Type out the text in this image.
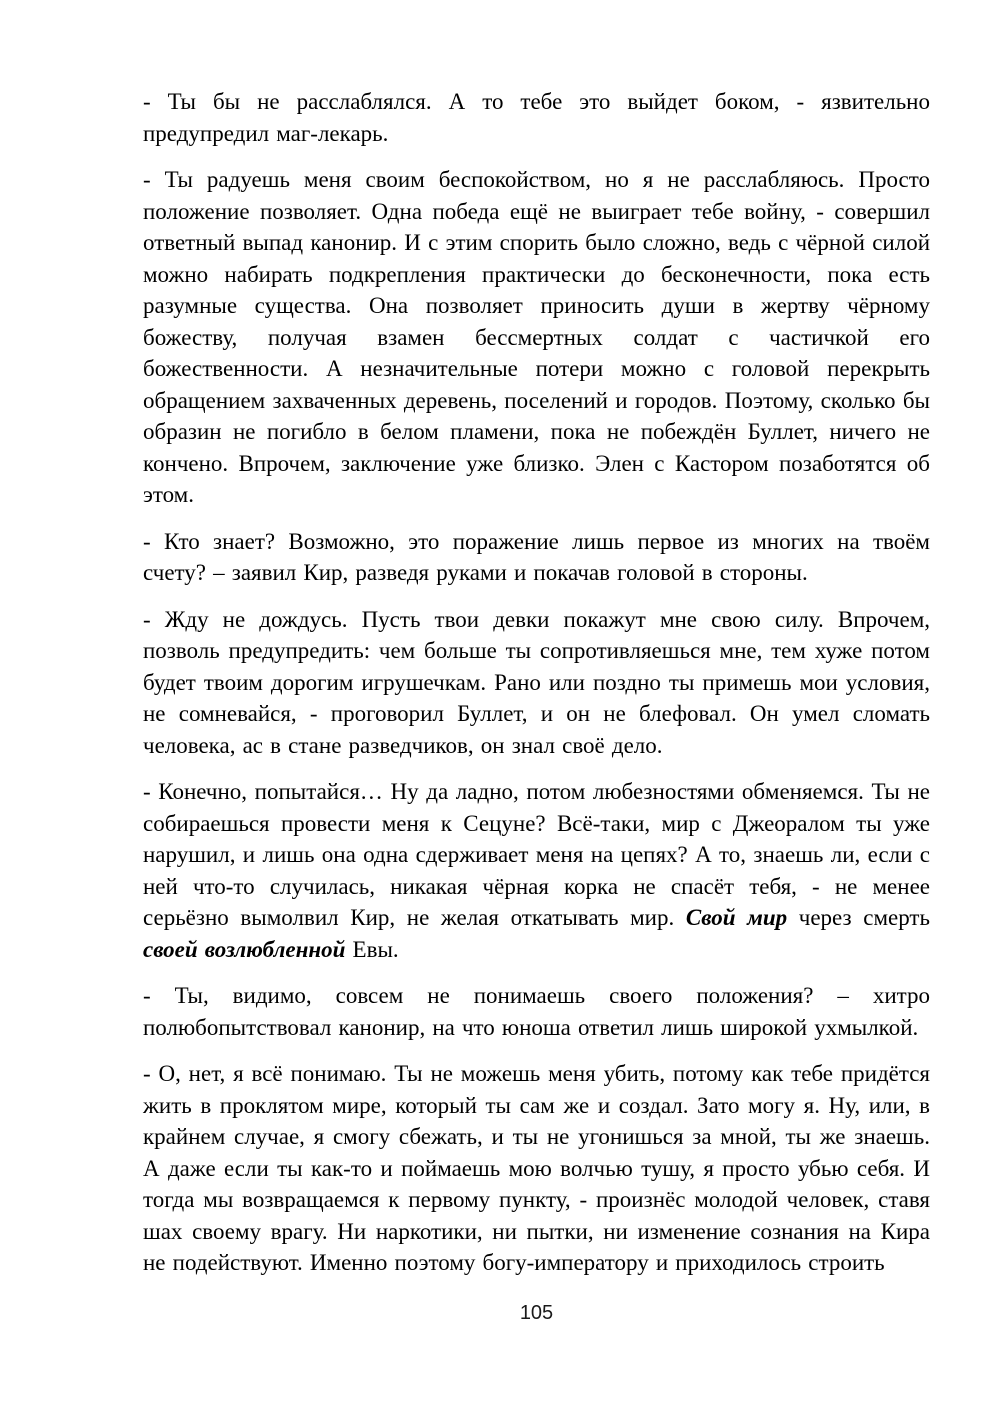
- Ты бы не расслаблялся. А то тебе это выйдет боком, - язвительно предупредил маг-лекарь.

- Ты радуешь меня своим беспокойством, но я не расслабляюсь. Просто положение позволяет. Одна победа ещё не выиграет тебе войну, - совершил ответный выпад канонир. И с этим спорить было сложно, ведь с чёрной силой можно набирать подкрепления практически до бесконечности, пока есть разумные существа. Она позволяет приносить души в жертву чёрному божеству, получая взамен бессмертных солдат с частичкой его божественности. А незначительные потери можно с головой перекрыть обращением захваченных деревень, поселений и городов. Поэтому, сколько бы образин не погибло в белом пламени, пока не побеждён Буллет, ничего не кончено. Впрочем, заключение уже близко. Элен с Кастором позаботятся об этом.

- Кто знает? Возможно, это поражение лишь первое из многих на твоём счету? – заявил Кир, разведя руками и покачав головой в стороны.

- Жду не дождусь. Пусть твои девки покажут мне свою силу. Впрочем, позволь предупредить: чем больше ты сопротивляешься мне, тем хуже потом будет твоим дорогим игрушечкам. Рано или поздно ты примешь мои условия, не сомневайся, - проговорил Буллет, и он не блефовал. Он умел сломать человека, ас в стане разведчиков, он знал своё дело.

- Конечно, попытайся… Ну да ладно, потом любезностями обменяемся. Ты не собираешься провести меня к Сецуне? Всё-таки, мир с Джеоралом ты уже нарушил, и лишь она одна сдерживает меня на цепях? А то, знаешь ли, если с ней что-то случилась, никакая чёрная корка не спасёт тебя, - не менее серьёзно вымолвил Кир, не желая откатывать мир. Свой мир через смерть своей возлюбленной Евы.

- Ты, видимо, совсем не понимаешь своего положения? – хитро полюбопытствовал канонир, на что юноша ответил лишь широкой ухмылкой.

- О, нет, я всё понимаю. Ты не можешь меня убить, потому как тебе придётся жить в проклятом мире, который ты сам же и создал. Зато могу я. Ну, или, в крайнем случае, я смогу сбежать, и ты не угонишься за мной, ты же знаешь. А даже если ты как-то и поймаешь мою волчью тушу, я просто убью себя. И тогда мы возвращаемся к первому пункту, - произнёс молодой человек, ставя шах своему врагу. Ни наркотики, ни пытки, ни изменение сознания на Кира не подействуют. Именно поэтому богу-императору и приходилось строить

105
